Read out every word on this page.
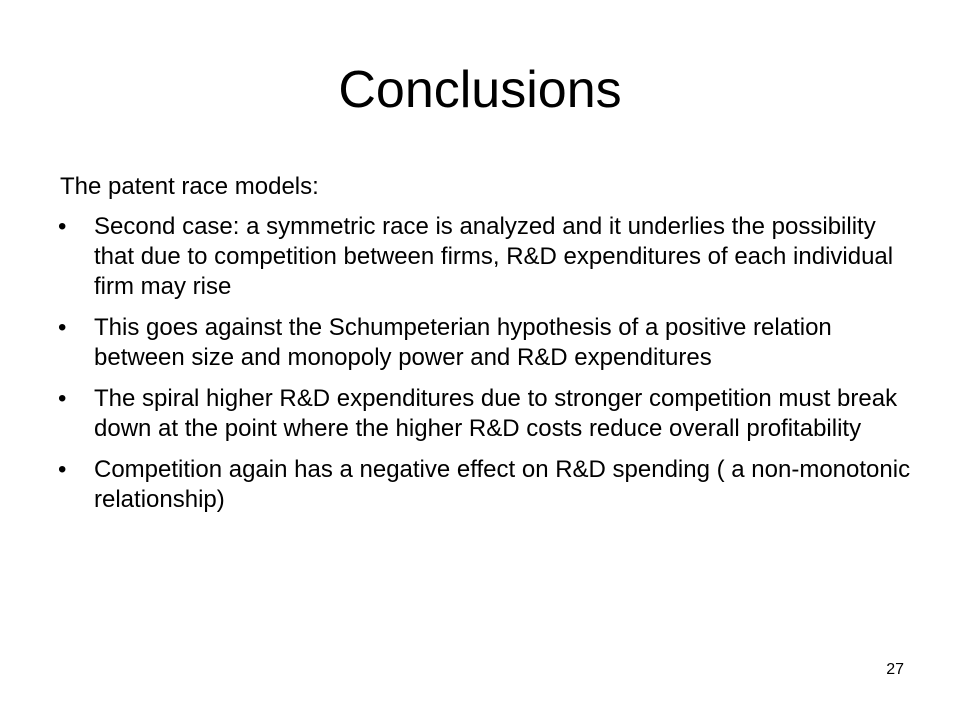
Conclusions

The patent race models:

• Second case: a symmetric race is analyzed and it underlies the possibility that due to competition between firms, R&D expenditures of each individual firm may rise
• This goes against the Schumpeterian hypothesis of a positive relation between size and monopoly power and R&D expenditures
• The spiral higher R&D expenditures due to stronger competition must break down at the point where the higher R&D costs reduce overall profitability
• Competition again has a negative effect on R&D spending ( a non-monotonic relationship)
27
